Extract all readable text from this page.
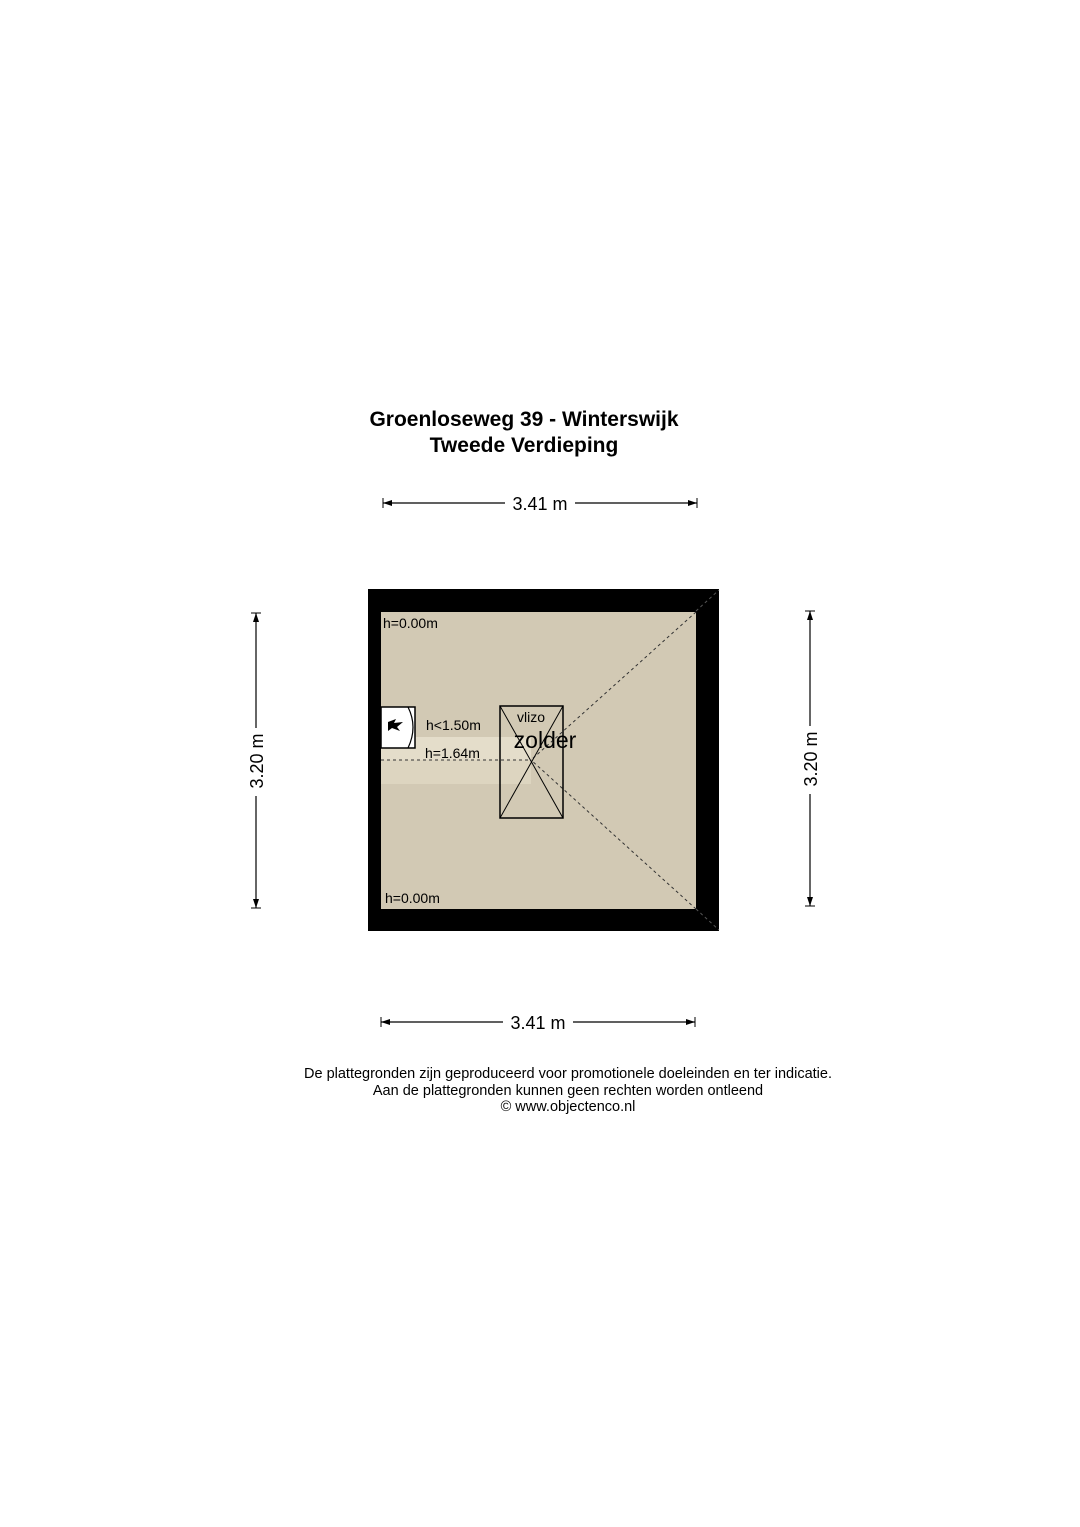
Groenloseweg 39 - Winterswijk
Tweede Verdieping
3.41 m
3.41 m
3.20 m	3.20 m
h=0.00m
h=0.00m
h<1.50m
h=1.64m
vlizo
zolder
De plattegronden zijn geproduceerd voor promotionele doeleinden en ter indicatie.
Aan de plattegronden kunnen geen rechten worden ontleend
© www.objectenco.nl
